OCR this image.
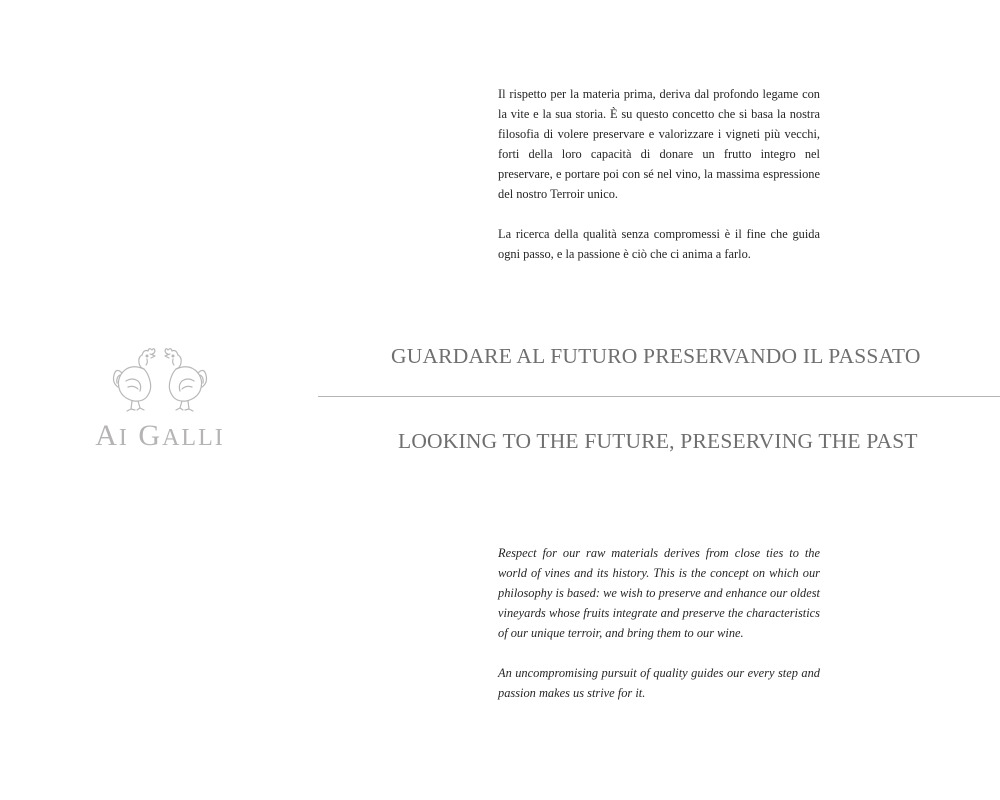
Il rispetto per la materia prima, deriva dal profondo legame con la vite e la sua storia. È su questo concetto che si basa la nostra filosofia di volere preservare e valorizzare i vigneti più vecchi, forti della loro capacità di donare un frutto integro nel preservare, e portare poi con sé nel vino, la massima espressione del nostro Terroir unico.

La ricerca della qualità senza compromessi è il fine che guida ogni passo, e la passione è ciò che ci anima a farlo.

AI GALLI
GUARDARE AL FUTURO PRESERVANDO IL PASSATO
LOOKING TO THE FUTURE, PRESERVING THE PAST

Respect for our raw materials derives from close ties to the world of vines and its history. This is the concept on which our philosophy is based: we wish to preserve and enhance our oldest vineyards whose fruits integrate and preserve the characteristics of our unique terroir, and bring them to our wine.

An uncompromising pursuit of quality guides our every step and passion makes us strive for it.
